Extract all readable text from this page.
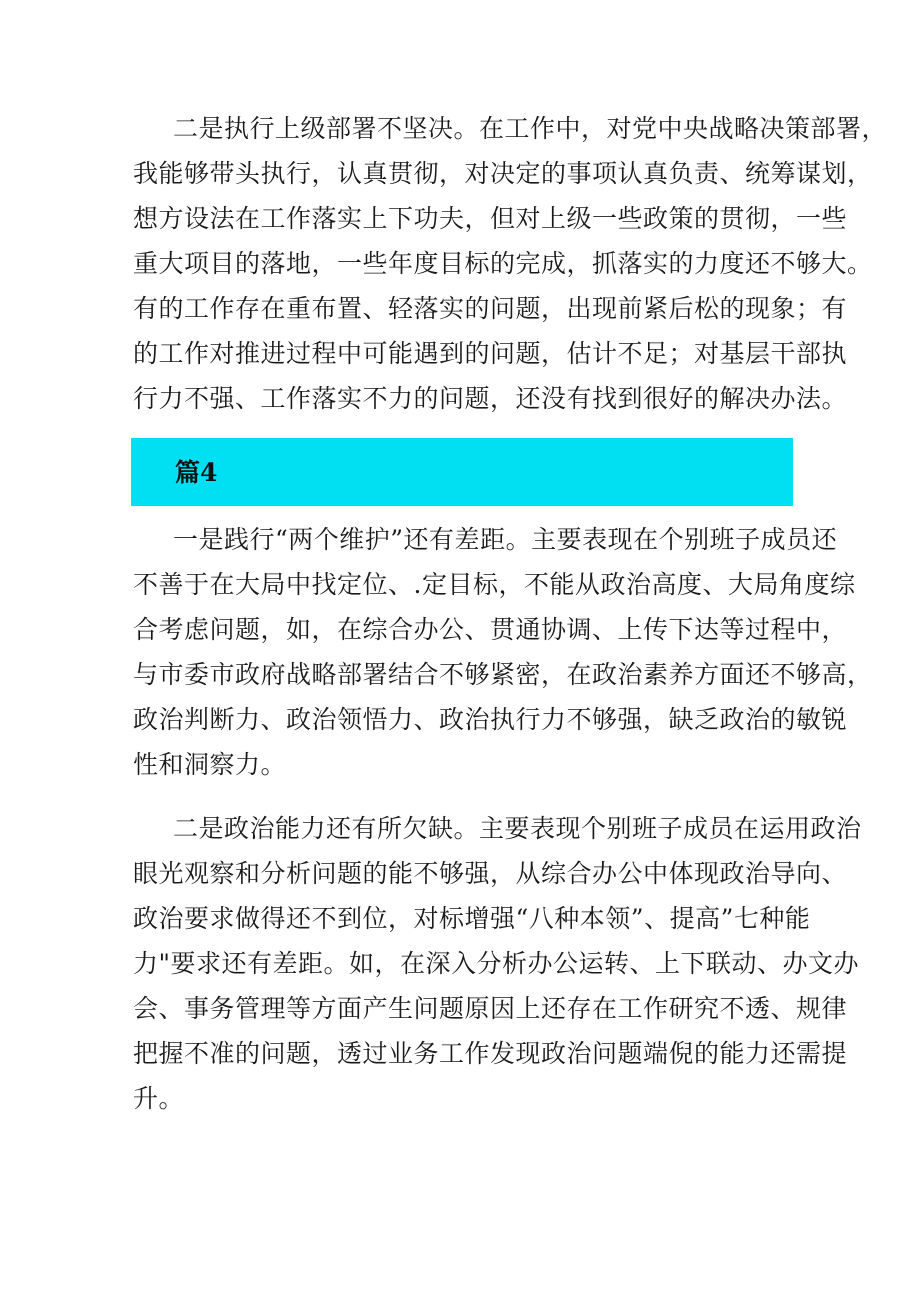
二是执行上级部署不坚决。在工作中，对党中央战略决策部署，
我能够带头执行，认真贯彻，对决定的事项认真负责、统筹谋划，
想方设法在工作落实上下功夫，但对上级一些政策的贯彻，一些
重大项目的落地，一些年度目标的完成，抓落实的力度还不够大。
有的工作存在重布置、轻落实的问题，出现前紧后松的现象；有
的工作对推进过程中可能遇到的问题，估计不足；对基层干部执
行力不强、工作落实不力的问题，还没有找到很好的解决办法。
篇4
一是践行“两个维护”还有差距。主要表现在个别班子成员还
不善于在大局中找定位、.定目标，不能从政治高度、大局角度综
合考虑问题，如，在综合办公、贯通协调、上传下达等过程中，
与市委市政府战略部署结合不够紧密，在政治素养方面还不够高，
政治判断力、政治领悟力、政治执行力不够强，缺乏政治的敏锐
性和洞察力。
二是政治能力还有所欠缺。主要表现个别班子成员在运用政治
眼光观察和分析问题的能不够强，从综合办公中体现政治导向、
政治要求做得还不到位，对标增强“八种本领”、提高”七种能
力"要求还有差距。如，在深入分析办公运转、上下联动、办文办
会、事务管理等方面产生问题原因上还存在工作研究不透、规律
把握不准的问题，透过业务工作发现政治问题端倪的能力还需提
升。
